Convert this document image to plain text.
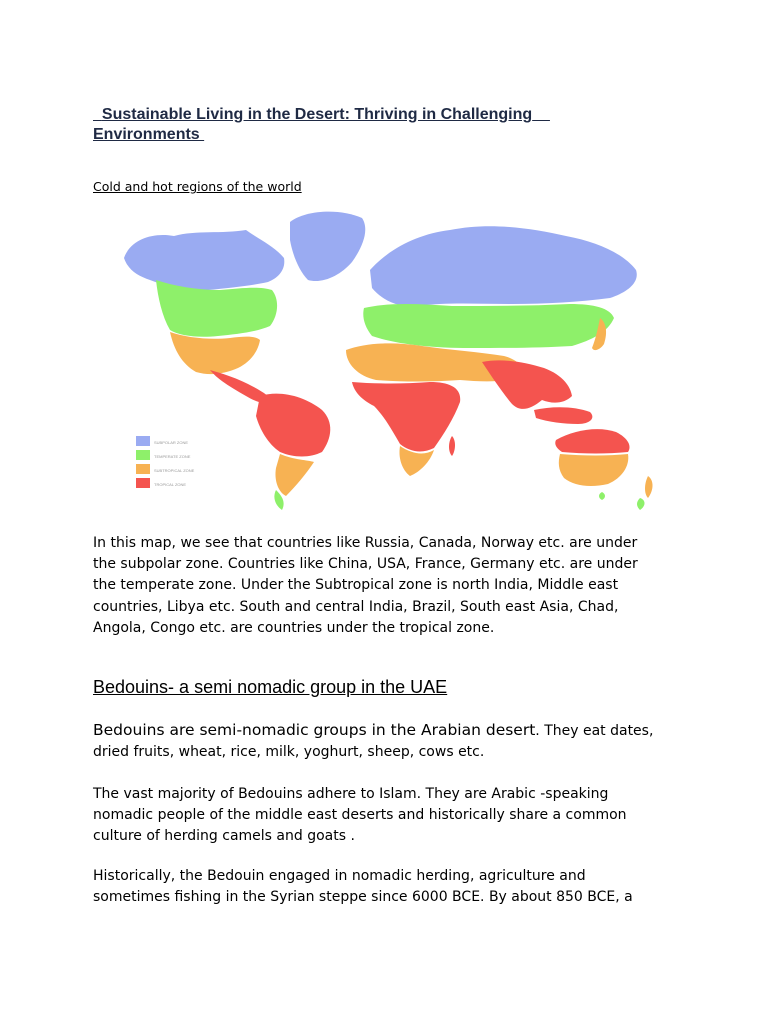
Sustainable Living in the Desert: Thriving in Challenging    Environments
Cold and hot regions of the world
SUBPOLAR ZONE
TEMPERATE ZONE
SUBTROPICAL ZONE
TROPICAL ZONE

In this map, we see that countries like Russia, Canada, Norway etc. are under the subpolar zone. Countries like China, USA, France, Germany etc. are under the temperate zone. Under the Subtropical zone is north India, Middle east countries, Libya etc. South and central India, Brazil, South east Asia, Chad, Angola, Congo etc. are countries under the tropical zone.

Bedouins- a semi nomadic group in the UAE

Bedouins are semi-nomadic groups in the Arabian desert. They eat dates, dried fruits, wheat, rice, milk, yoghurt, sheep, cows etc.

The vast majority of Bedouins adhere to Islam. They are Arabic -speaking nomadic people of the middle east deserts and historically share a common culture of herding camels and goats .

Historically, the Bedouin engaged in nomadic herding, agriculture and sometimes fishing in the Syrian steppe since 6000 BCE. By about 850 BCE, a
